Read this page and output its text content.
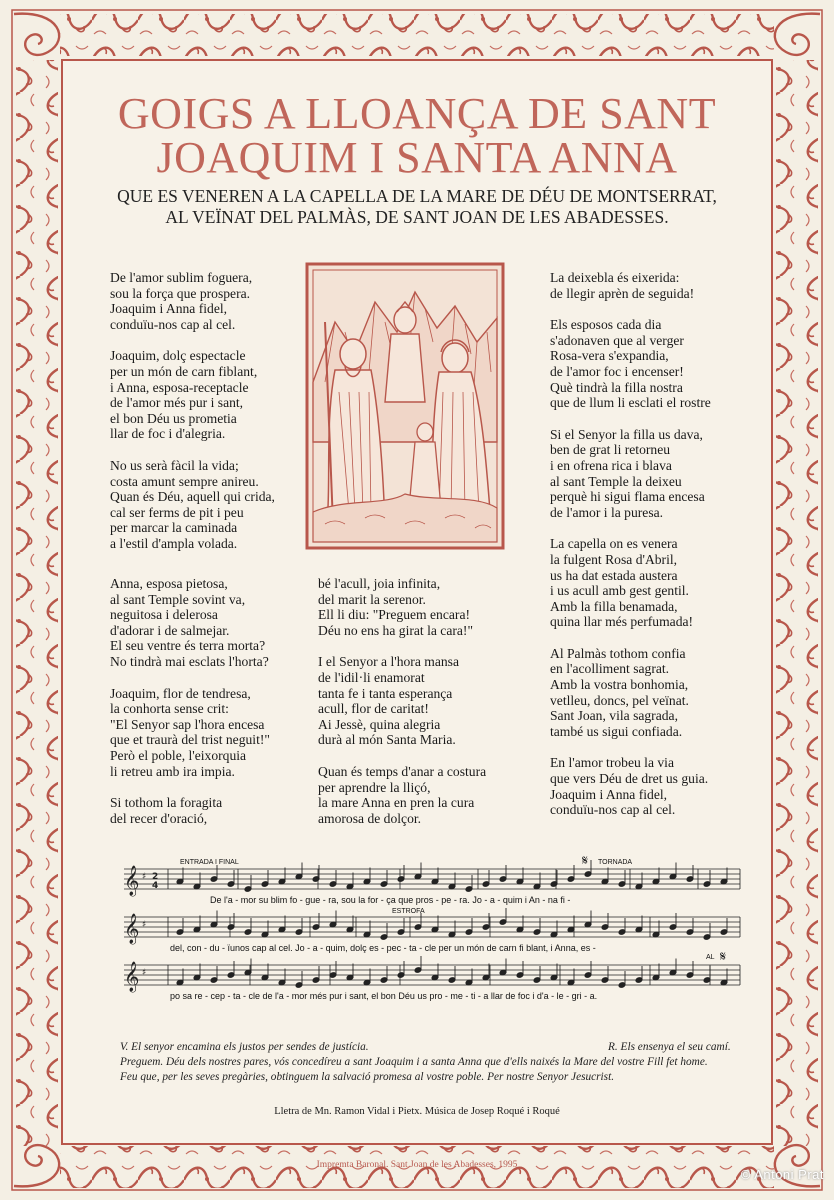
GOIGS A LLOANÇA DE SANT
JOAQUIM I SANTA ANNA
QUE ES VENEREN A LA CAPELLA DE LA MARE DE DÉU DE MONTSERRAT,
AL VEÏNAT DEL PALMÀS, DE SANT JOAN DE LES ABADESSES.
De l'amor sublim foguera,
sou la força que prospera.
Joaquim i Anna fidel,
conduïu-nos cap al cel.
Joaquim, dolç espectacle
per un món de carn fiblant,
i Anna, esposa-receptacle
de l'amor més pur i sant,
el bon Déu us prometia
llar de foc i d'alegria.
No us serà fàcil la vida;
costa amunt sempre anireu.
Quan és Déu, aquell qui crida,
cal ser ferms de pit i peu
per marcar la caminada
a l'estil d'ampla volada.
Anna, esposa pietosa,
al sant Temple sovint va,
neguitosa i delerosa
d'adorar i de salmejar.
El seu ventre és terra morta?
No tindrà mai esclats l'horta?
Joaquim, flor de tendresa,
la conhorta sense crit:
"El Senyor sap l'hora encesa
que et traurà del trist neguit!"
Però el poble, l'eixorquia
li retreu amb ira impia.
Si tothom la foragita
del recer d'oració,
bé l'acull, joia infinita,
del marit la serenor.
Ell li diu: "Preguem encara!
Déu no ens ha girat la cara!"
I el Senyor a l'hora mansa
de l'idil·li enamorat
tanta fe i tanta esperança
acull, flor de caritat!
Ai Jessè, quina alegria
durà al món Santa Maria.
Quan és temps d'anar a costura
per aprendre la lliçó,
la mare Anna en pren la cura
amorosa de dolçor.
La deixebla és eixerida:
de llegir aprèn de seguida!
Els esposos cada dia
s'adonaven que al verger
Rosa-vera s'expandia,
de l'amor foc i encenser!
Què tindrà la filla nostra
que de llum li esclati el rostre
Si el Senyor la filla us dava,
ben de grat li retorneu
i en ofrena rica i blava
al sant Temple la deixeu
perquè hi sigui flama encesa
de l'amor i la puresa.
La capella on es venera
la fulgent Rosa d'Abril,
us ha dat estada austera
i us acull amb gest gentil.
Amb la filla benamada,
quina llar més perfumada!
Al Palmàs tothom confia
en l'acolliment sagrat.
Amb la vostra bonhomia,
vetlleu, doncs, pel veïnat.
Sant Joan, vila sagrada,
també us sigui confiada.
En l'amor trobeu la via
que vers Déu de dret us guia.
Joaquim i Anna fidel,
conduïu-nos cap al cel.
𝄞
𝄞
𝄞
♯
♯
♯
2
4
𝄋
𝄋
ENTRADA I FINAL	TORNADA
ESTROFA
AL
De l'a - mor su blim fo - gue - ra, sou la for - ça que pros - pe - ra. Jo - a - quim i An - na fi -
del, con - du - ïunos cap al cel. Jo - a - quim, dolç es - pec - ta - cle per un món de carn fi blant, i Anna, es -
po sa re - cep - ta - cle de l'a - mor més pur i sant, el bon Déu us pro - me - ti - a llar de foc i d'a - le - gri - a.
V. El senyor encamina els justos per sendes de justícia.	R. Els ensenya el seu camí.
Preguem. Déu dels nostres pares, vós concedíreu a sant Joaquim i a santa Anna que d'ells naixés la Mare del vostre Fill fet home.
Feu que, per les seves pregàries, obtinguem la salvació promesa al vostre poble. Per nostre Senyor Jesucrist.
Lletra de Mn. Ramon Vidal i Pietx. Música de Josep Roqué i Roqué
Impremta Baronal. Sant Joan de les Abadesses, 1995
© Antoni Prat
